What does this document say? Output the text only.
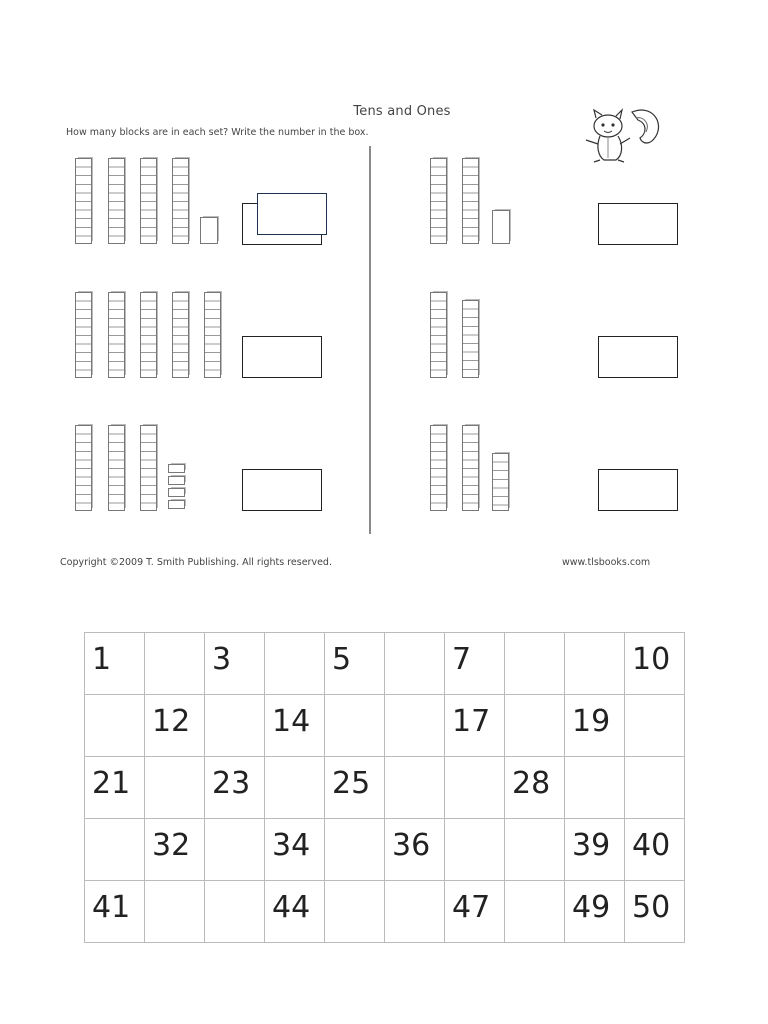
Tens and Ones
How many blocks are in each set? Write the number in the box.
Copyright ©2009 T. Smith Publishing. All rights reserved.	www.tlsbooks.com
1		3		5		7			10
	12		14			17		19	
21		23		25			28		
	32		34		36			39	40
41			44			47		49	50
